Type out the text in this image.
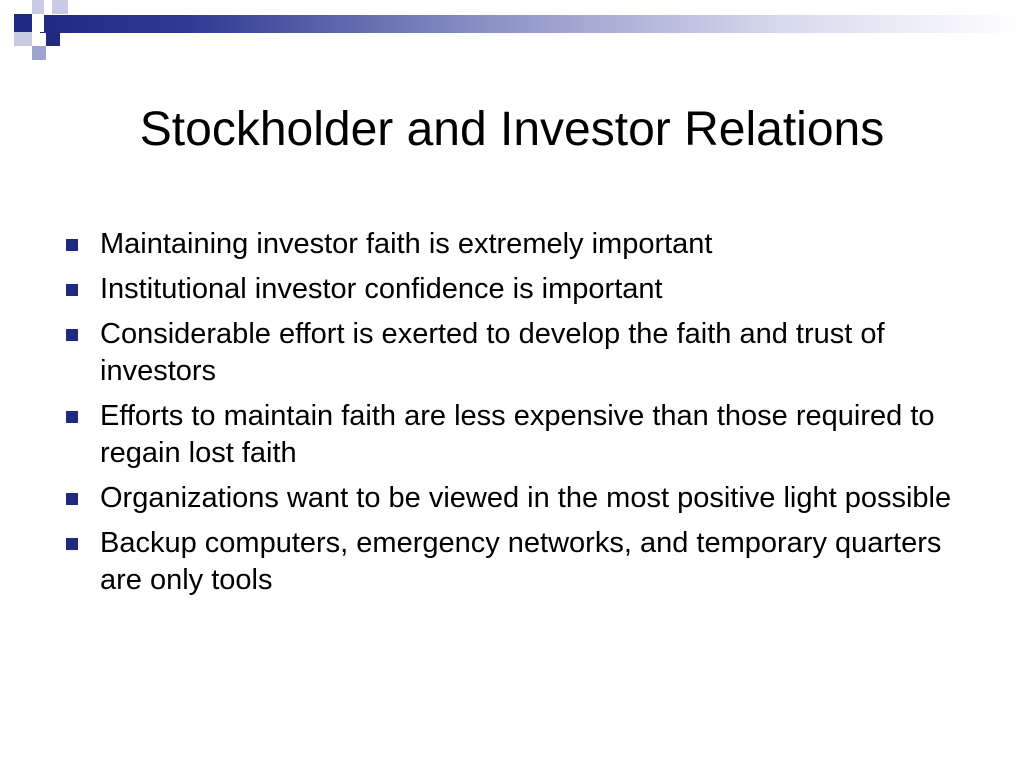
Stockholder and Investor Relations
Maintaining investor faith is extremely important
Institutional investor confidence is important
Considerable effort is exerted to develop the faith and trust of investors
Efforts to maintain faith are less expensive than those required to regain lost faith
Organizations want to be viewed in the most positive light possible
Backup computers, emergency networks, and temporary quarters are only tools
